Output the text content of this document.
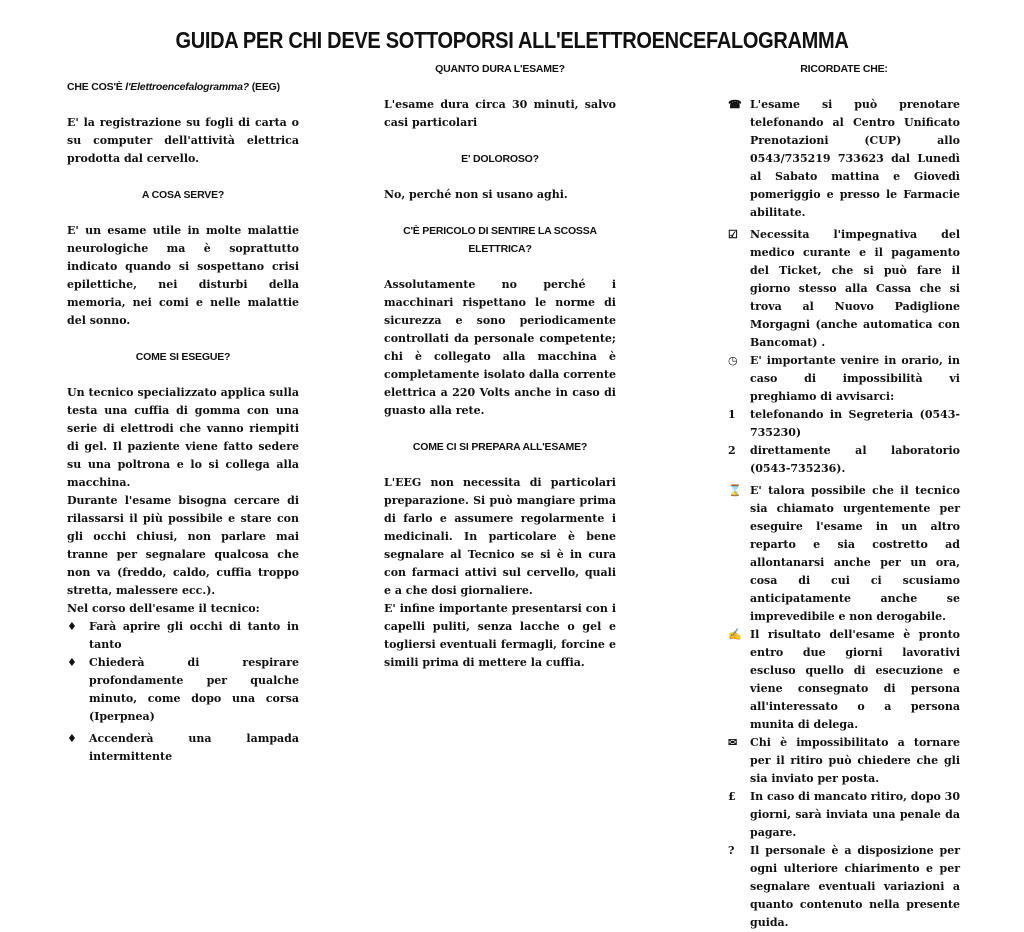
GUIDA PER CHI DEVE SOTTOPORSI ALL'ELETTROENCEFALOGRAMMA
CHE COS'È l'Elettroencefalogramma? (EEG)

E' la registrazione su fogli di carta o su computer dell'attività elettrica prodotta dal cervello.

A COSA SERVE?

E' un esame utile in molte malattie neurologiche ma è soprattutto indicato quando si sospettano crisi epilettiche, nei disturbi della memoria, nei comi e nelle malattie del sonno.

COME SI ESEGUE?

Un tecnico specializzato applica sulla testa una cuffia di gomma con una serie di elettrodi che vanno riempiti di gel. Il paziente viene fatto sedere su una poltrona e lo si collega alla macchina.

Durante l'esame bisogna cercare di rilassarsi il più possibile e stare con gli occhi chiusi, non parlare mai tranne per segnalare qualcosa che non va (freddo, caldo, cuffia troppo stretta, malessere ecc.).

Nel corso dell'esame il tecnico:

♦	Farà aprire gli occhi di tanto in tanto
♦	Chiederà di respirare profondamente per qualche minuto, come dopo una corsa (Iperpnea)
♦	Accenderà una lampada intermittente
QUANTO DURA L'ESAME?

L'esame dura circa 30 minuti, salvo casi particolari

E' DOLOROSO?

No, perché non si usano aghi.

C'È PERICOLO DI SENTIRE LA SCOSSA
ELETTRICA?

Assolutamente no perché i macchinari rispettano le norme di sicurezza e sono periodicamente controllati da personale competente; chi è collegato alla macchina è completamente isolato dalla corrente elettrica a 220 Volts anche in caso di guasto alla rete.

COME CI SI PREPARA ALL'ESAME?

L'EEG non necessita di particolari preparazione. Si può mangiare prima di farlo e assumere regolarmente i medicinali. In particolare è bene segnalare al Tecnico se si è in cura con farmaci attivi sul cervello, quali e a che dosi giornaliere.

E' infine importante presentarsi con i capelli puliti, senza lacche o gel e togliersi eventuali fermagli, forcine e simili prima di mettere la cuffia.

RICORDATE CHE:
☎ L'esame si può prenotare telefonando al Centro Unificato Prenotazioni (CUP) allo 0543/735219 733623 dal Lunedì al Sabato mattina e Giovedì pomeriggio e presso le Farmacie abilitate.
☑	Necessita l'impegnativa del medico curante e il pagamento del Ticket, che si può fare il giorno stesso alla Cassa che si trova al Nuovo Padiglione Morgagni (anche automatica con Bancomat) .
◷	E' importante venire in orario, in caso di impossibilità vi preghiamo di avvisarci:
1	telefonando in Segreteria (0543-735230)
2	direttamente al laboratorio (0543-735236).
⌛ E' talora possibile che il tecnico sia chiamato urgentemente per eseguire l'esame in un altro reparto e sia costretto ad allontanarsi anche per un ora, cosa di cui ci scusiamo anticipatamente anche se imprevedibile e non derogabile.
✍ Il risultato dell'esame è pronto entro due giorni lavorativi escluso quello di esecuzione e viene consegnato di persona all'interessato o a persona munita di delega.
✉	Chi è impossibilitato a tornare per il ritiro può chiedere che gli sia inviato per posta.
£	In caso di mancato ritiro, dopo 30 giorni, sarà inviata una penale da pagare.
?	Il personale è a disposizione per ogni ulteriore chiarimento e per segnalare eventuali variazioni a quanto contenuto nella presente guida.
